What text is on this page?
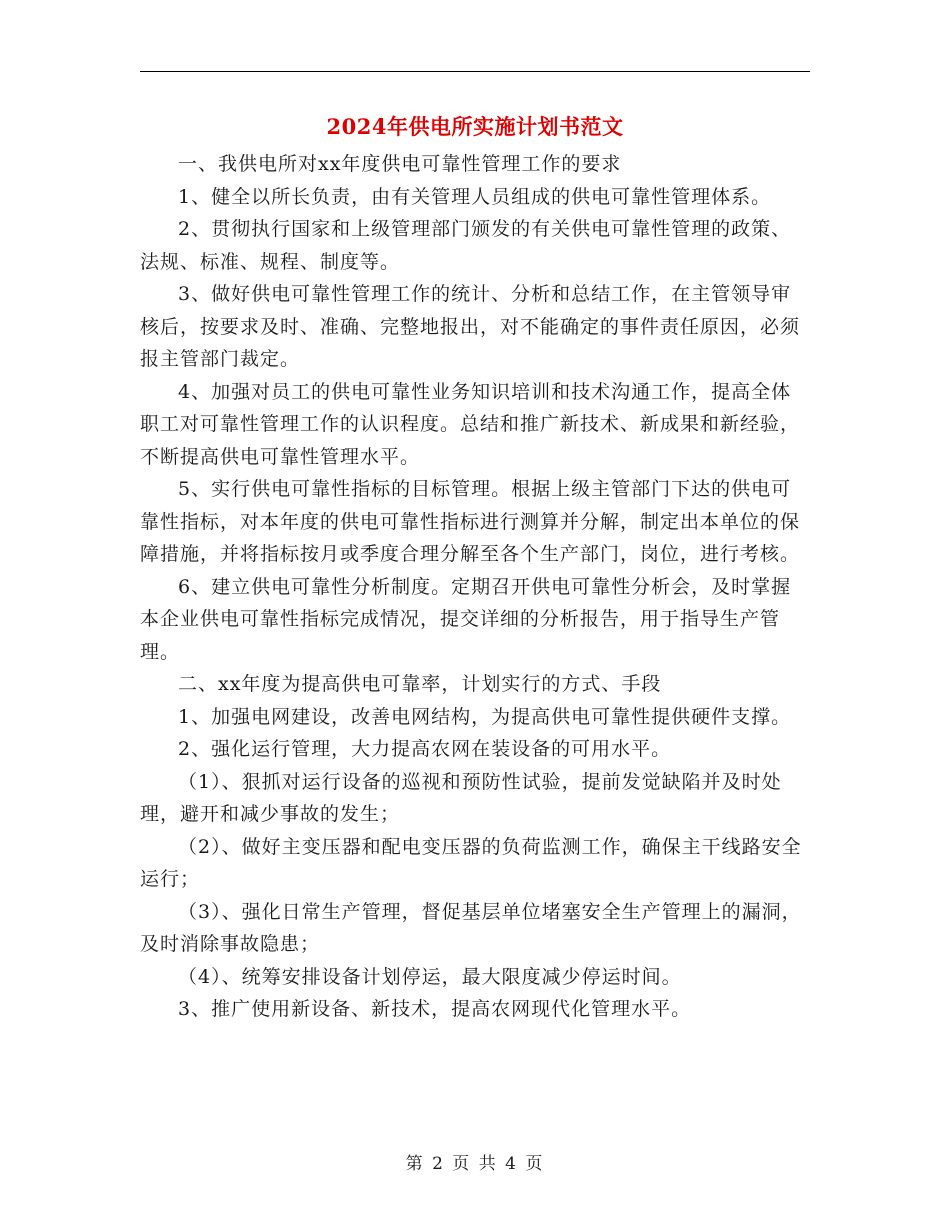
2024年供电所实施计划书范文

一、我供电所对xx年度供电可靠性管理工作的要求

1、健全以所长负责，由有关管理人员组成的供电可靠性管理体系。

2、贯彻执行国家和上级管理部门颁发的有关供电可靠性管理的政策、法规、标准、规程、制度等。

3、做好供电可靠性管理工作的统计、分析和总结工作，在主管领导审核后，按要求及时、准确、完整地报出，对不能确定的事件责任原因，必须报主管部门裁定。

4、加强对员工的供电可靠性业务知识培训和技术沟通工作，提高全体职工对可靠性管理工作的认识程度。总结和推广新技术、新成果和新经验，不断提高供电可靠性管理水平。

5、实行供电可靠性指标的目标管理。根据上级主管部门下达的供电可靠性指标，对本年度的供电可靠性指标进行测算并分解，制定出本单位的保障措施，并将指标按月或季度合理分解至各个生产部门，岗位，进行考核。

6、建立供电可靠性分析制度。定期召开供电可靠性分析会，及时掌握本企业供电可靠性指标完成情况，提交详细的分析报告，用于指导生产管理。

二、xx年度为提高供电可靠率，计划实行的方式、手段

1、加强电网建设，改善电网结构，为提高供电可靠性提供硬件支撑。

2、强化运行管理，大力提高农网在装设备的可用水平。

（1）、狠抓对运行设备的巡视和预防性试验，提前发觉缺陷并及时处理，避开和减少事故的发生；

（2）、做好主变压器和配电变压器的负荷监测工作，确保主干线路安全运行；

（3）、强化日常生产管理，督促基层单位堵塞安全生产管理上的漏洞，及时消除事故隐患；

（4）、统筹安排设备计划停运，最大限度减少停运时间。

3、推广使用新设备、新技术，提高农网现代化管理水平。

第 2 页 共 4 页
